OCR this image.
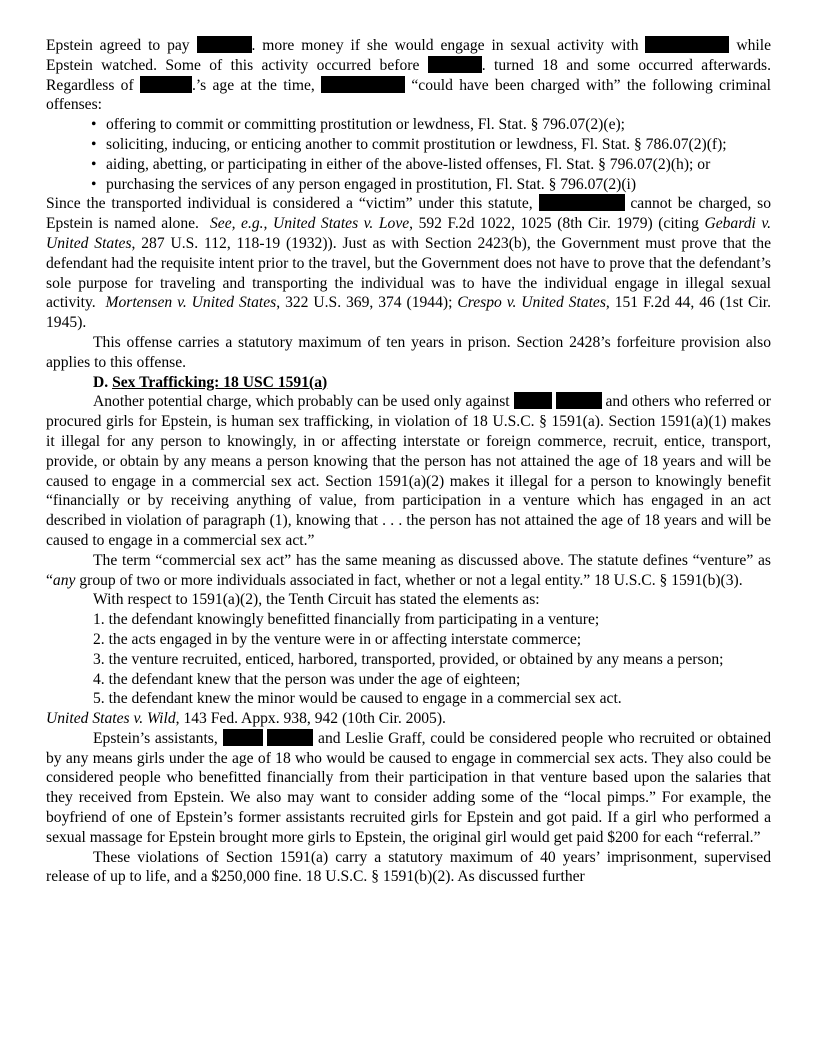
Epstein agreed to pay	. more money if she would engage in sexual activity with	while Epstein watched. Some of this activity occurred before	. turned 18 and some occurred afterwards. Regardless of	.’s age at the time,	“could have been charged with” the following criminal offenses:

• offering to commit or committing prostitution or lewdness, Fl. Stat. § 796.07(2)(e);
• soliciting, inducing, or enticing another to commit prostitution or lewdness, Fl. Stat. § 786.07(2)(f);
• aiding, abetting, or participating in either of the above-listed offenses, Fl. Stat. § 796.07(2)(h); or
• purchasing the services of any person engaged in prostitution, Fl. Stat. § 796.07(2)(i)

Since the transported individual is considered a “victim” under this statute,	cannot be charged, so Epstein is named alone. See, e.g., United States v. Love, 592 F.2d 1022, 1025 (8th Cir. 1979) (citing Gebardi v. United States, 287 U.S. 112, 118-19 (1932)). Just as with Section 2423(b), the Government must prove that the defendant had the requisite intent prior to the travel, but the Government does not have to prove that the defendant’s sole purpose for traveling and transporting the individual was to have the individual engage in illegal sexual activity. Mortensen v. United States, 322 U.S. 369, 374 (1944); Crespo v. United States, 151 F.2d 44, 46 (1st Cir. 1945).

This offense carries a statutory maximum of ten years in prison. Section 2428’s forfeiture provision also applies to this offense.

D. Sex Trafficking: 18 USC 1591(a)

Another potential charge, which probably can be used only against	and others who referred or procured girls for Epstein, is human sex trafficking, in violation of 18 U.S.C. § 1591(a). Section 1591(a)(1) makes it illegal for any person to knowingly, in or affecting interstate or foreign commerce, recruit, entice, transport, provide, or obtain by any means a person knowing that the person has not attained the age of 18 years and will be caused to engage in a commercial sex act. Section 1591(a)(2) makes it illegal for a person to knowingly benefit “financially or by receiving anything of value, from participation in a venture which has engaged in an act described in violation of paragraph (1), knowing that . . . the person has not attained the age of 18 years and will be caused to engage in a commercial sex act.”

The term “commercial sex act” has the same meaning as discussed above. The statute defines “venture” as “any group of two or more individuals associated in fact, whether or not a legal entity.” 18 U.S.C. § 1591(b)(3).

With respect to 1591(a)(2), the Tenth Circuit has stated the elements as:

1. the defendant knowingly benefitted financially from participating in a venture;

2. the acts engaged in by the venture were in or affecting interstate commerce;

3. the venture recruited, enticed, harbored, transported, provided, or obtained by any means a person;

4. the defendant knew that the person was under the age of eighteen;

5. the defendant knew the minor would be caused to engage in a commercial sex act.

United States v. Wild, 143 Fed. Appx. 938, 942 (10th Cir. 2005).

Epstein’s assistants,	and Leslie Graff, could be considered people who recruited or obtained by any means girls under the age of 18 who would be caused to engage in commercial sex acts. They also could be considered people who benefitted financially from their participation in that venture based upon the salaries that they received from Epstein. We also may want to consider adding some of the “local pimps.” For example, the boyfriend of one of Epstein’s former assistants recruited girls for Epstein and got paid. If a girl who performed a sexual massage for Epstein brought more girls to Epstein, the original girl would get paid $200 for each “referral.”

These violations of Section 1591(a) carry a statutory maximum of 40 years’ imprisonment, supervised release of up to life, and a $250,000 fine. 18 U.S.C. § 1591(b)(2). As discussed further
